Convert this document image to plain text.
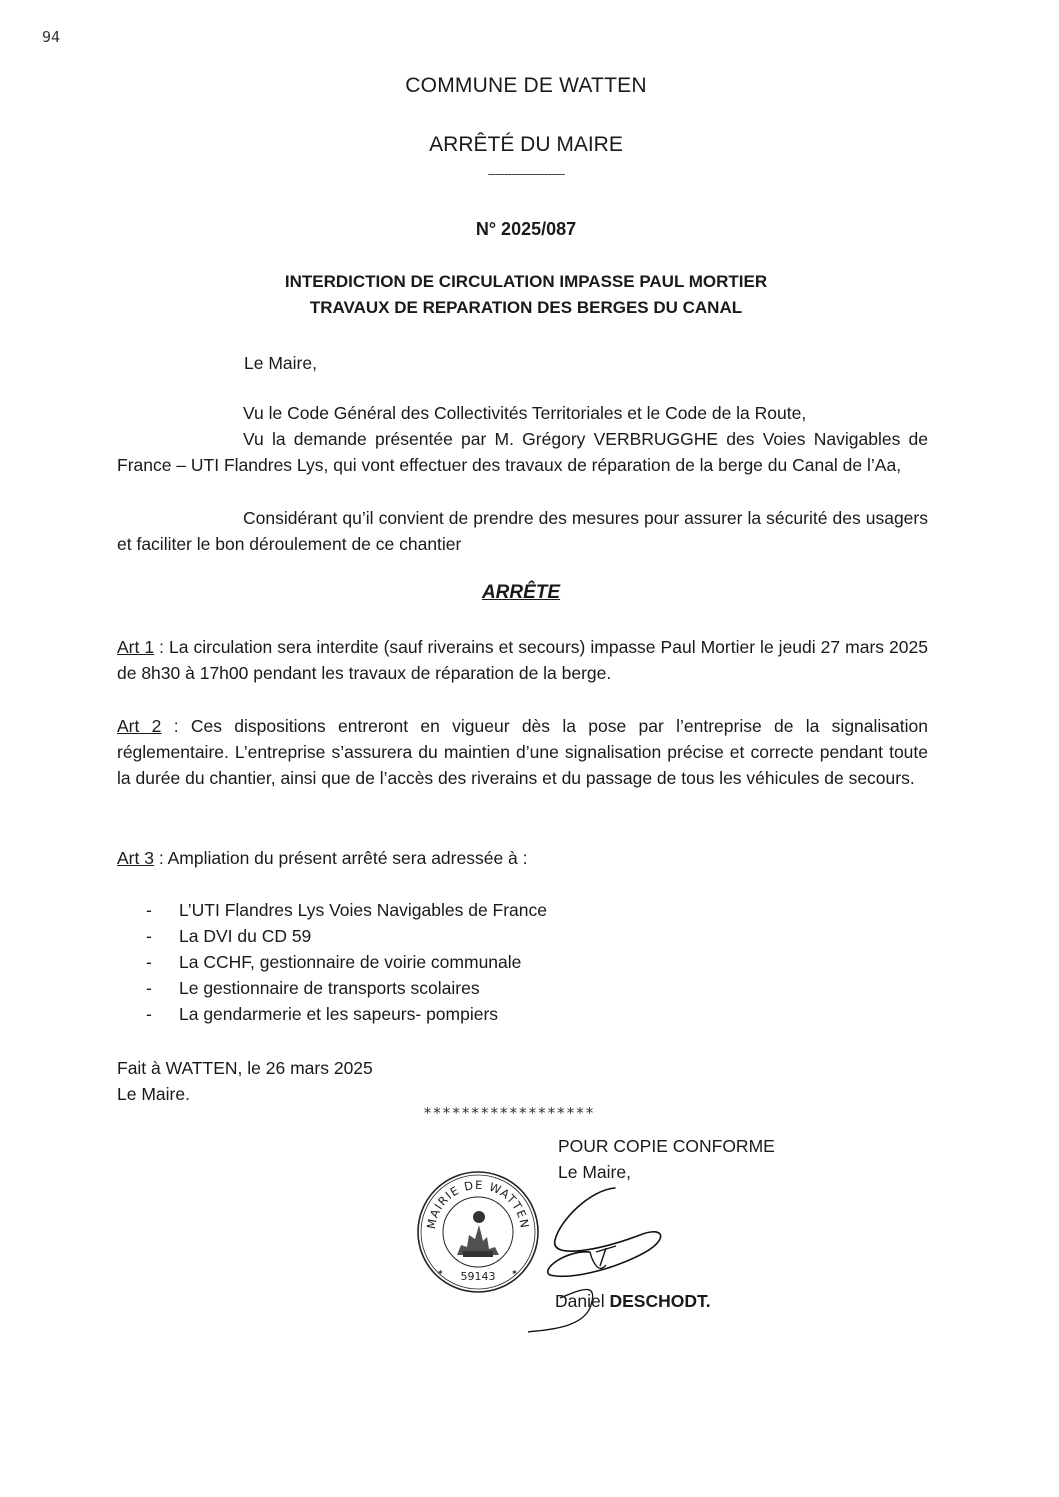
94
COMMUNE DE WATTEN
ARRÊTÉ DU MAIRE
-----------------------
N° 2025/087
INTERDICTION DE CIRCULATION IMPASSE PAUL MORTIER
TRAVAUX DE REPARATION DES BERGES DU CANAL
Le Maire,
Vu le Code Général des Collectivités Territoriales et le Code de la Route,
Vu la demande présentée par M. Grégory VERBRUGGHE des Voies Navigables de France – UTI Flandres Lys, qui vont effectuer des travaux de réparation de la berge du Canal de l’Aa,
Considérant qu’il convient de prendre des mesures pour assurer la sécurité des usagers et faciliter le bon déroulement de ce chantier
ARRÊTE
Art 1 : La circulation sera interdite (sauf riverains et secours) impasse Paul Mortier le jeudi 27 mars 2025 de 8h30 à 17h00 pendant les travaux de réparation de la berge.
Art 2 : Ces dispositions entreront en vigueur dès la pose par l’entreprise de la signalisation réglementaire. L’entreprise s’assurera du maintien d’une signalisation précise et correcte pendant toute la durée du chantier, ainsi que de l’accès des riverains et du passage de tous les véhicules de secours.
Art 3 : Ampliation du présent arrêté sera adressée à :
- L’UTI Flandres Lys Voies Navigables de France
- La DVI du CD 59
- La CCHF, gestionnaire de voirie communale
- Le gestionnaire de transports scolaires
- La gendarmerie et les sapeurs- pompiers
Fait à WATTEN, le 26 mars 2025
Le Maire.
******************
POUR COPIE CONFORME
Le Maire,
MAIRIE DE WATTEN
59143
✶	✶
Daniel DESCHODT.
